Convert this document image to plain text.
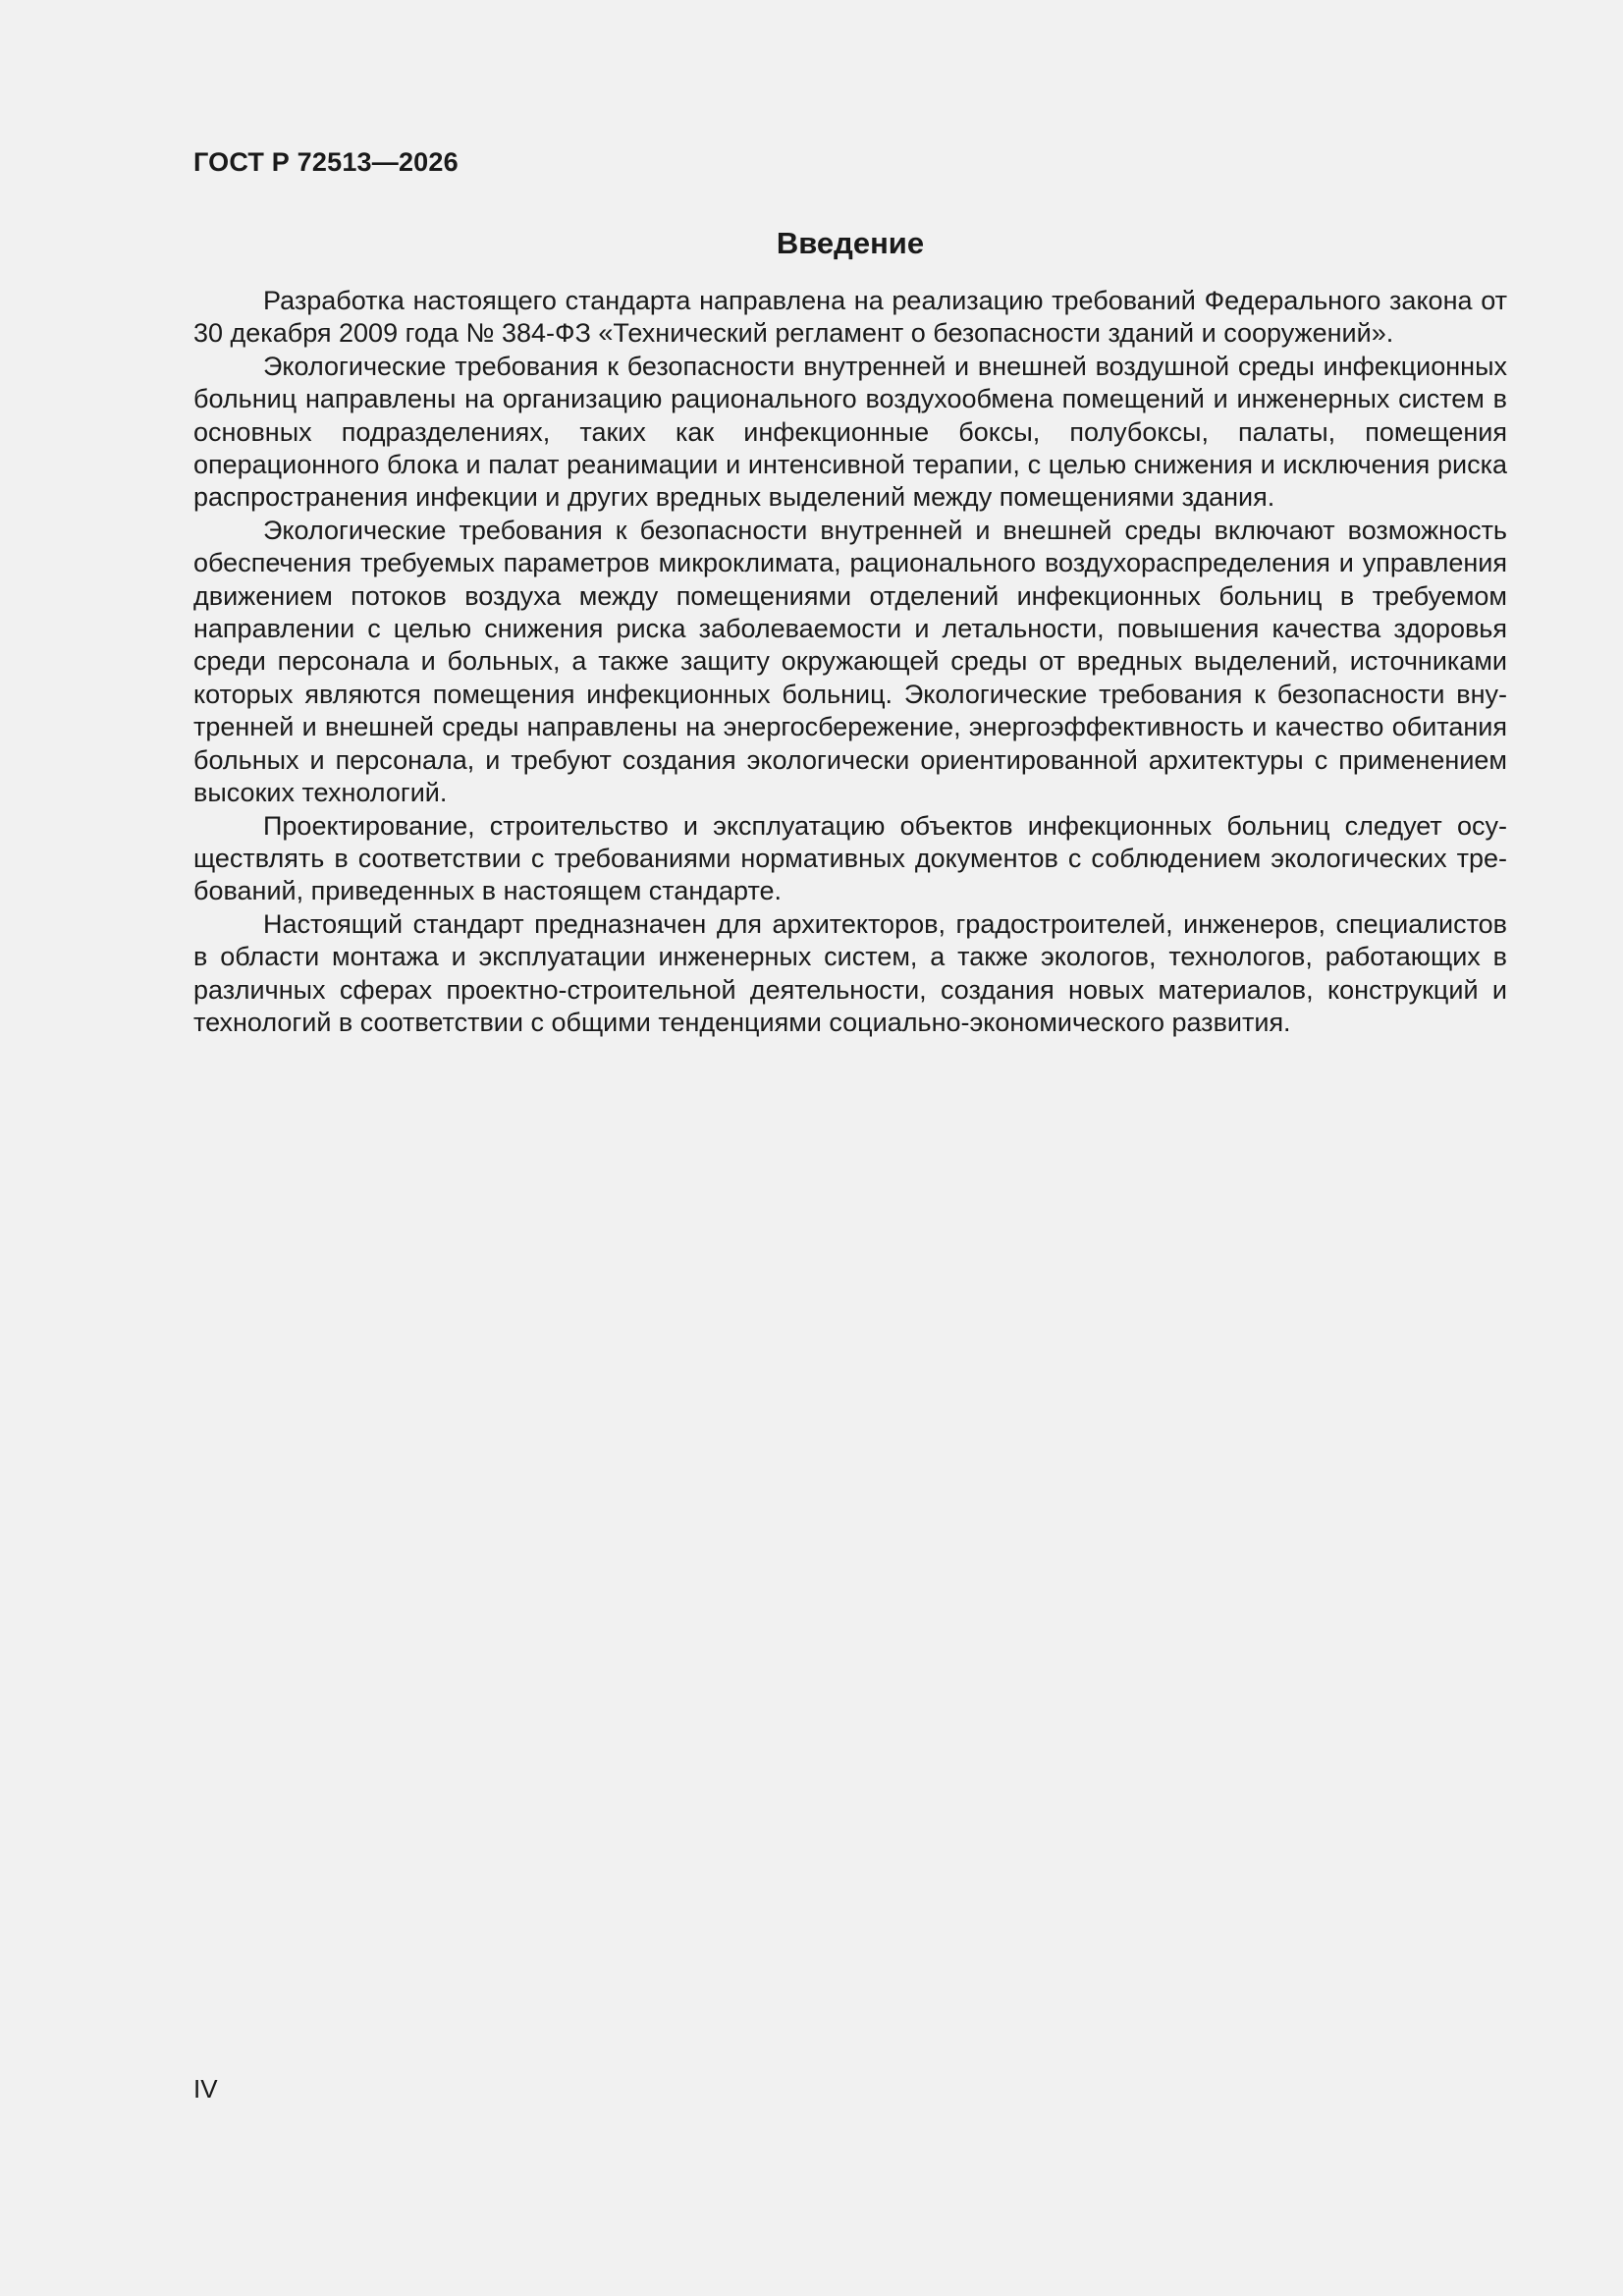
ГОСТ Р 72513—2026
Введение

Разработка настоящего стандарта направлена на реализацию требований Федерального закона от 30 декабря 2009 года № 384-ФЗ «Технический регламент о безопасности зданий и сооружений».

Экологические требования к безопасности внутренней и внешней воздушной среды инфекционных больниц направлены на организацию рационального воздухообмена помещений и инженерных систем в основных подразделениях, таких как инфекционные боксы, полубоксы, палаты, помещения операционного блока и палат реанимации и интенсивной терапии, с целью снижения и исключения риска распространения инфекции и других вредных выделений между помещениями здания.

Экологические требования к безопасности внутренней и внешней среды включают возможность обеспечения требуемых параметров микроклимата, рационального воздухораспределения и управления движением потоков воздуха между помещениями отделений инфекционных больниц в требуемом направлении с целью снижения риска заболеваемости и летальности, повышения качества здоровья среди персонала и больных, а также защиту окружающей среды от вредных выделений, источниками которых являются помещения инфекционных больниц. Экологические требования к безопасности внутренней и внешней среды направлены на энергосбережение, энергоэффективность и качество обитания больных и персонала, и требуют создания экологически ориентированной архитектуры с применением высоких технологий.

Проектирование, строительство и эксплуатацию объектов инфекционных больниц следует осуществлять в соответствии с требованиями нормативных документов с соблюдением экологических требований, приведенных в настоящем стандарте.

Настоящий стандарт предназначен для архитекторов, градостроителей, инженеров, специалистов в области монтажа и эксплуатации инженерных систем, а также экологов, технологов, работающих в различных сферах проектно-строительной деятельности, создания новых материалов, конструкций и технологий в соответствии с общими тенденциями социально-экономического развития.

IV
